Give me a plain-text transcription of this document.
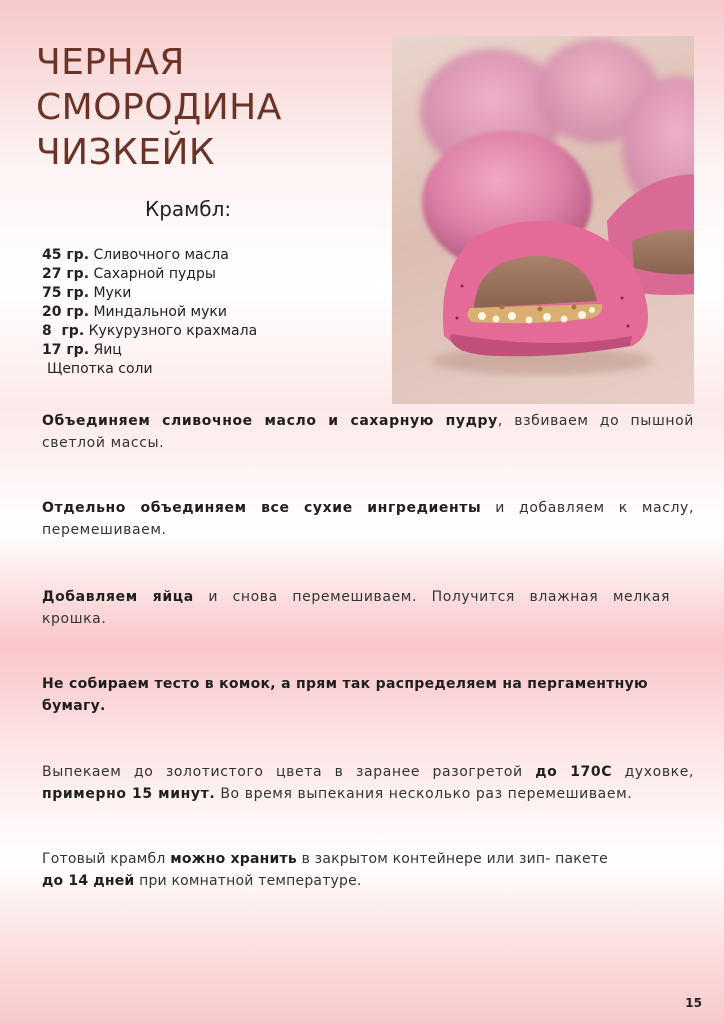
ЧЕРНАЯ
СМОРОДИНА
ЧИЗКЕЙК
Крамбл:
45 гр. Сливочного масла
27 гр. Сахарной пудры
75 гр. Муки
20 гр. Миндальной муки
8  гр. Кукурузного крахмала
17 гр. Яиц
Щепотка соли
Объединяем сливочное масло и сахарную пудру, взбиваем до пышной светлой массы.
Отдельно объединяем все сухие ингредиенты и добавляем к маслу, перемешиваем.
Добавляем яйца и снова перемешиваем. Получится влажная мелкая крошка.
Не собираем тесто в комок, а прям так распределяем на пергаментную бумагу.
Выпекаем до золотистого цвета в заранее разогретой до 170С духовке, примерно 15 минут. Во время выпекания несколько раз перемешиваем.
Готовый крамбл можно хранить в закрытом контейнере или зип- пакете
до 14 дней при комнатной температуре.
15
